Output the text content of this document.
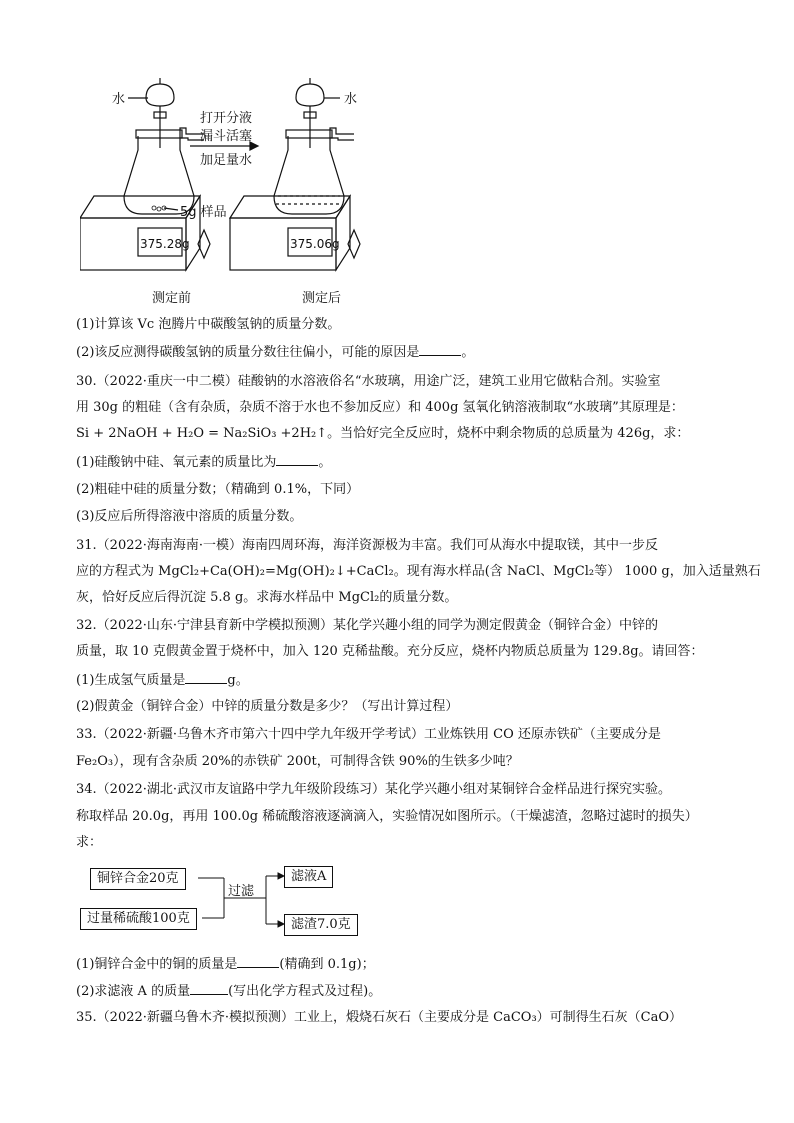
水	水
打开分液
漏斗活塞
加足量水
5g 样品
375.28g	375.06g
测定前	测定后
(1)计算该 Vc 泡腾片中碳酸氢钠的质量分数。
(2)该反应测得碳酸氢钠的质量分数往往偏小，可能的原因是	。
30.（2022·重庆一中二模）硅酸钠的水溶液俗名“水玻璃，用途广泛，建筑工业用它做粘合剂。实验室
用 30g 的粗硅（含有杂质，杂质不溶于水也不参加反应）和 400g 氢氧化钠溶液制取“水玻璃”其原理是：
Si + 2NaOH + H₂O = Na₂SiO₃ +2H₂↑。当恰好完全反应时，烧杯中剩余物质的总质量为 426g，求：
(1)硅酸钠中硅、氧元素的质量比为	。
(2)粗硅中硅的质量分数；（精确到 0.1%，下同）
(3)反应后所得溶液中溶质的质量分数。
31.（2022·海南海南·一模）海南四周环海，海洋资源极为丰富。我们可从海水中提取镁，其中一步反
应的方程式为 MgCl₂+Ca(OH)₂=Mg(OH)₂↓+CaCl₂。现有海水样品(含 NaCl、MgCl₂等） 1000 g，加入适量熟石
灰，恰好反应后得沉淀 5.8 g。求海水样品中 MgCl₂的质量分数。
32.（2022·山东·宁津县育新中学模拟预测）某化学兴趣小组的同学为测定假黄金（铜锌合金）中锌的
质量，取 10 克假黄金置于烧杯中，加入 120 克稀盐酸。充分反应，烧杯内物质总质量为 129.8g。请回答：
(1)生成氢气质量是	g。
(2)假黄金（铜锌合金）中锌的质量分数是多少？（写出计算过程）
33.（2022·新疆·乌鲁木齐市第六十四中学九年级开学考试）工业炼铁用 CO 还原赤铁矿（主要成分是
Fe₂O₃），现有含杂质 20%的赤铁矿 200t，可制得含铁 90%的生铁多少吨？
34.（2022·湖北·武汉市友谊路中学九年级阶段练习）某化学兴趣小组对某铜锌合金样品进行探究实验。
称取样品 20.0g，再用 100.0g 稀硫酸溶液逐滴滴入，实验情况如图所示。（干燥滤渣，忽略过滤时的损失）
求：
铜锌合金20克
过量稀硫酸100克
过滤
滤液A
滤渣7.0克
(1)铜锌合金中的铜的质量是	(精确到 0.1g)；
(2)求滤液 A 的质量	(写出化学方程式及过程)。
35.（2022·新疆乌鲁木齐·模拟预测）工业上，煅烧石灰石（主要成分是 CaCO₃）可制得生石灰（CaO）
